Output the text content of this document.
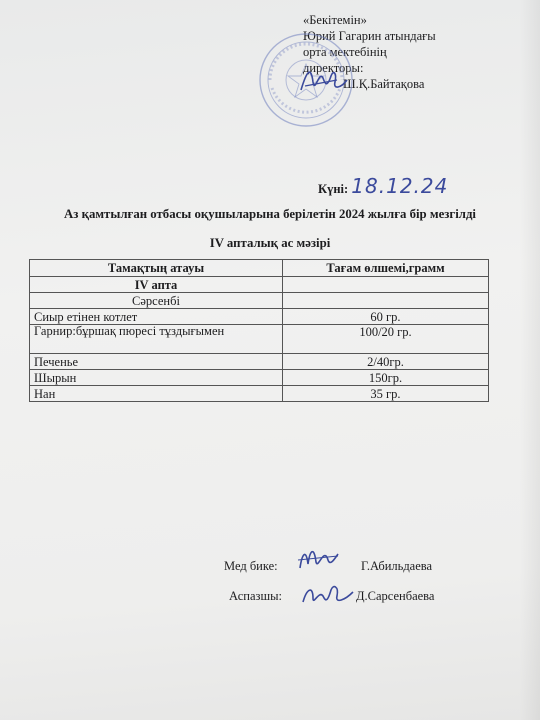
«Бекітемін»
Юрий Гагарин атындағы
орта мектебінің
директоры:
Ш.Қ.Байтақова
Күні: 18.12.24
Аз қамтылған отбасы оқушыларына берілетін 2024 жылға бір мезгілді
IV апталық ас мәзірі
Тамақтың атауы	Тағам өлшемі,грамм
IV апта	
Сәрсенбі	
Сиыр етінен котлет	60 гр.
Гарнир:бұршақ пюресі тұздығымен	100/20 гр.
Печенье	2/40гр.
Шырын	150гр.
Нан	35 гр.
Мед бике:	Г.Абильдаева
Аспазшы:	Д.Сарсенбаева
